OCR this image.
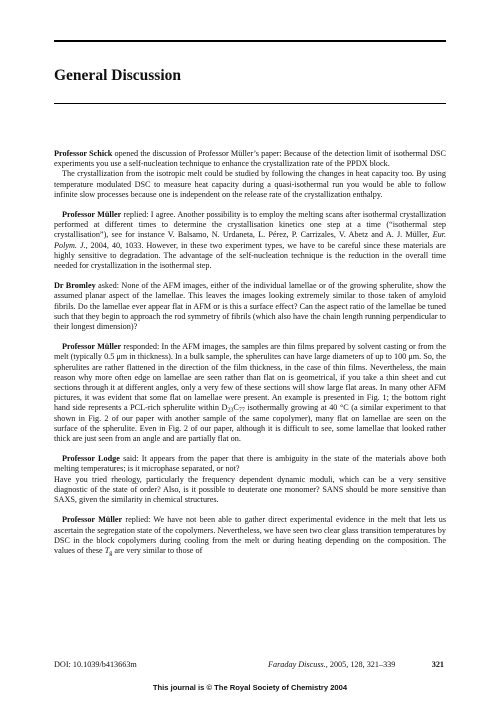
General Discussion

Professor Schick opened the discussion of Professor Müller’s paper: Because of the detection limit of isothermal DSC experiments you use a self-nucleation technique to enhance the crystallization rate of the PPDX block.

The crystallization from the isotropic melt could be studied by following the changes in heat capacity too. By using temperature modulated DSC to measure heat capacity during a quasi-isothermal run you would be able to follow infinite slow processes because one is independent on the release rate of the crystallization enthalpy.

Professor Müller replied: I agree. Another possibility is to employ the melting scans after isothermal crystallization performed at different times to determine the crystallisation kinetics one step at a time (“isothermal step crystallisation”), see for instance V. Balsamo, N. Urdaneta, L. Pérez, P. Carrizales, V. Abetz and A. J. Müller, Eur. Polym. J., 2004, 40, 1033. However, in these two experiment types, we have to be careful since these materials are highly sensitive to degradation. The advantage of the self-nucleation technique is the reduction in the overall time needed for crystallization in the isothermal step.

Dr Bromley asked: None of the AFM images, either of the individual lamellae or of the growing spherulite, show the assumed planar aspect of the lamellae. This leaves the images looking extremely similar to those taken of amyloid fibrils. Do the lamellae ever appear flat in AFM or is this a surface effect? Can the aspect ratio of the lamellae be tuned such that they begin to approach the rod symmetry of fibrils (which also have the chain length running perpendicular to their longest dimension)?

Professor Müller responded: In the AFM images, the samples are thin films prepared by solvent casting or from the melt (typically 0.5 μm in thickness). In a bulk sample, the spherulites can have large diameters of up to 100 μm. So, the spherulites are rather flattened in the direction of the film thickness, in the case of thin films. Nevertheless, the main reason why more often edge on lamellae are seen rather than flat on is geometrical, if you take a thin sheet and cut sections through it at different angles, only a very few of these sections will show large flat areas. In many other AFM pictures, it was evident that some flat on lamellae were present. An example is presented in Fig. 1; the bottom right hand side represents a PCL-rich spherulite within $D_{23}C_{77}$ isothermally growing at 40 °C (a similar experiment to that shown in Fig. 2 of our paper with another sample of the same copolymer), many flat on lamellae are seen on the surface of the spherulite. Even in Fig. 2 of our paper, although it is difficult to see, some lamellae that looked rather thick are just seen from an angle and are partially flat on.

Professor Lodge said: It appears from the paper that there is ambiguity in the state of the materials above both melting temperatures; is it microphase separated, or not?

Have you tried rheology, particularly the frequency dependent dynamic moduli, which can be a very sensitive diagnostic of the state of order? Also, is it possible to deuterate one monomer? SANS should be more sensitive than SAXS, given the similarity in chemical structures.

Professor Müller replied: We have not been able to gather direct experimental evidence in the melt that lets us ascertain the segregation state of the copolymers. Nevertheless, we have seen two clear glass transition temperatures by DSC in the block copolymers during cooling from the melt or during heating depending on the composition. The values of these $T_g$ are very similar to those of

DOI: 10.1039/b413663m	Faraday Discuss., 2005, 128, 321–339	321
This journal is © The Royal Society of Chemistry 2004
